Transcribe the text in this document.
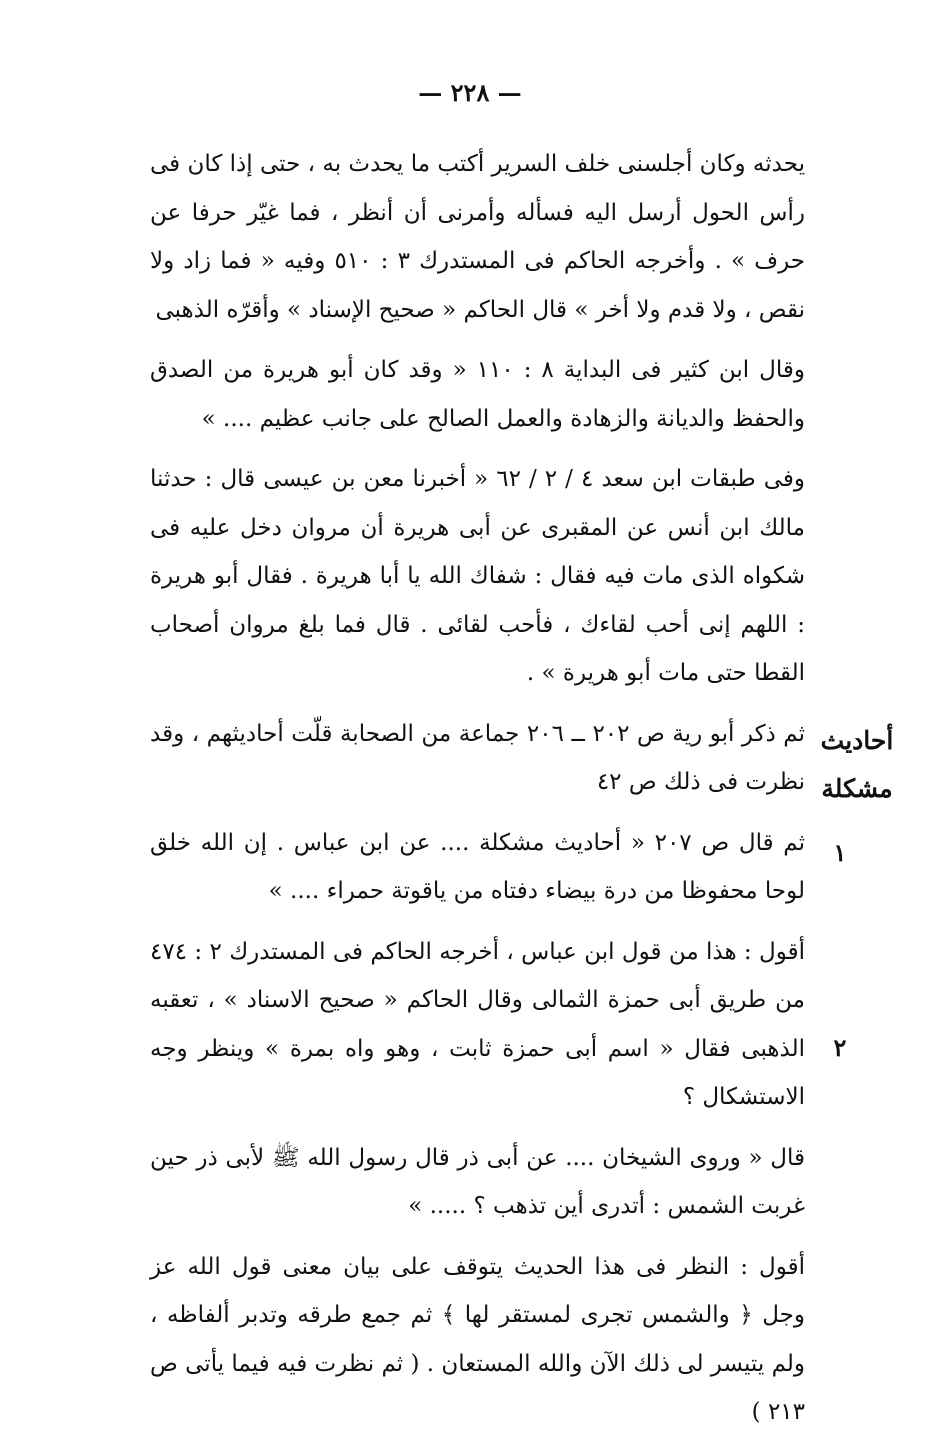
— ٢٢٨ —

يحدثه وكان أجلسنى خلف السرير أكتب ما يحدث به ، حتى إذا كان فى رأس الحول أرسل اليه فسأله وأمرنى أن أنظر ، فما غيّر حرفا عن حرف » . وأخرجه الحاكم فى المستدرك ٣ : ٥١٠ وفيه « فما زاد ولا نقص ، ولا قدم ولا أخر » قال الحاكم « صحيح الإسناد » وأقرّه الذهبى

وقال ابن كثير فى البداية ٨ : ١١٠ « وقد كان أبو هريرة من الصدق والحفظ والديانة والزهادة والعمل الصالح على جانب عظيم .... »

وفى طبقات ابن سعد ٤ / ٢ / ٦٢ « أخبرنا معن بن عيسى قال : حدثنا مالك ابن أنس عن المقبرى عن أبى هريرة أن مروان دخل عليه فى شكواه الذى مات فيه فقال : شفاك الله يا أبا هريرة . فقال أبو هريرة : اللهم إنى أحب لقاءك ، فأحب لقائى . قال فما بلغ مروان أصحاب القطا حتى مات أبو هريرة » .

ثم ذكر أبو رية ص ٢٠٢ ــ ٢٠٦ جماعة من الصحابة قلّت أحاديثهم ، وقد نظرت فى ذلك ص ٤٢

ثم قال ص ٢٠٧ « أحاديث مشكلة .... عن ابن عباس . إن الله خلق لوحا محفوظا من درة بيضاء دفتاه من ياقوتة حمراء .... »

أقول : هذا من قول ابن عباس ، أخرجه الحاكم فى المستدرك ٢ : ٤٧٤ من طريق أبى حمزة الثمالى وقال الحاكم « صحيح الاسناد » ، تعقبه الذهبى فقال « اسم أبى حمزة ثابت ، وهو واه بمرة » وينظر وجه الاستشكال ؟

قال « وروى الشيخان .... عن أبى ذر قال رسول الله ﷺ لأبى ذر حين غربت الشمس : أتدرى أين تذهب ؟ ..... »

أقول : النظر فى هذا الحديث يتوقف على بيان معنى قول الله عز وجل ﴿ والشمس تجرى لمستقر لها ﴾ ثم جمع طرقه وتدبر ألفاظه ، ولم يتيسر لى ذلك الآن والله المستعان . ( ثم نظرت فيه فيما يأتى ص ٢١٣ )

أحاديث مشكلة
١
٢
